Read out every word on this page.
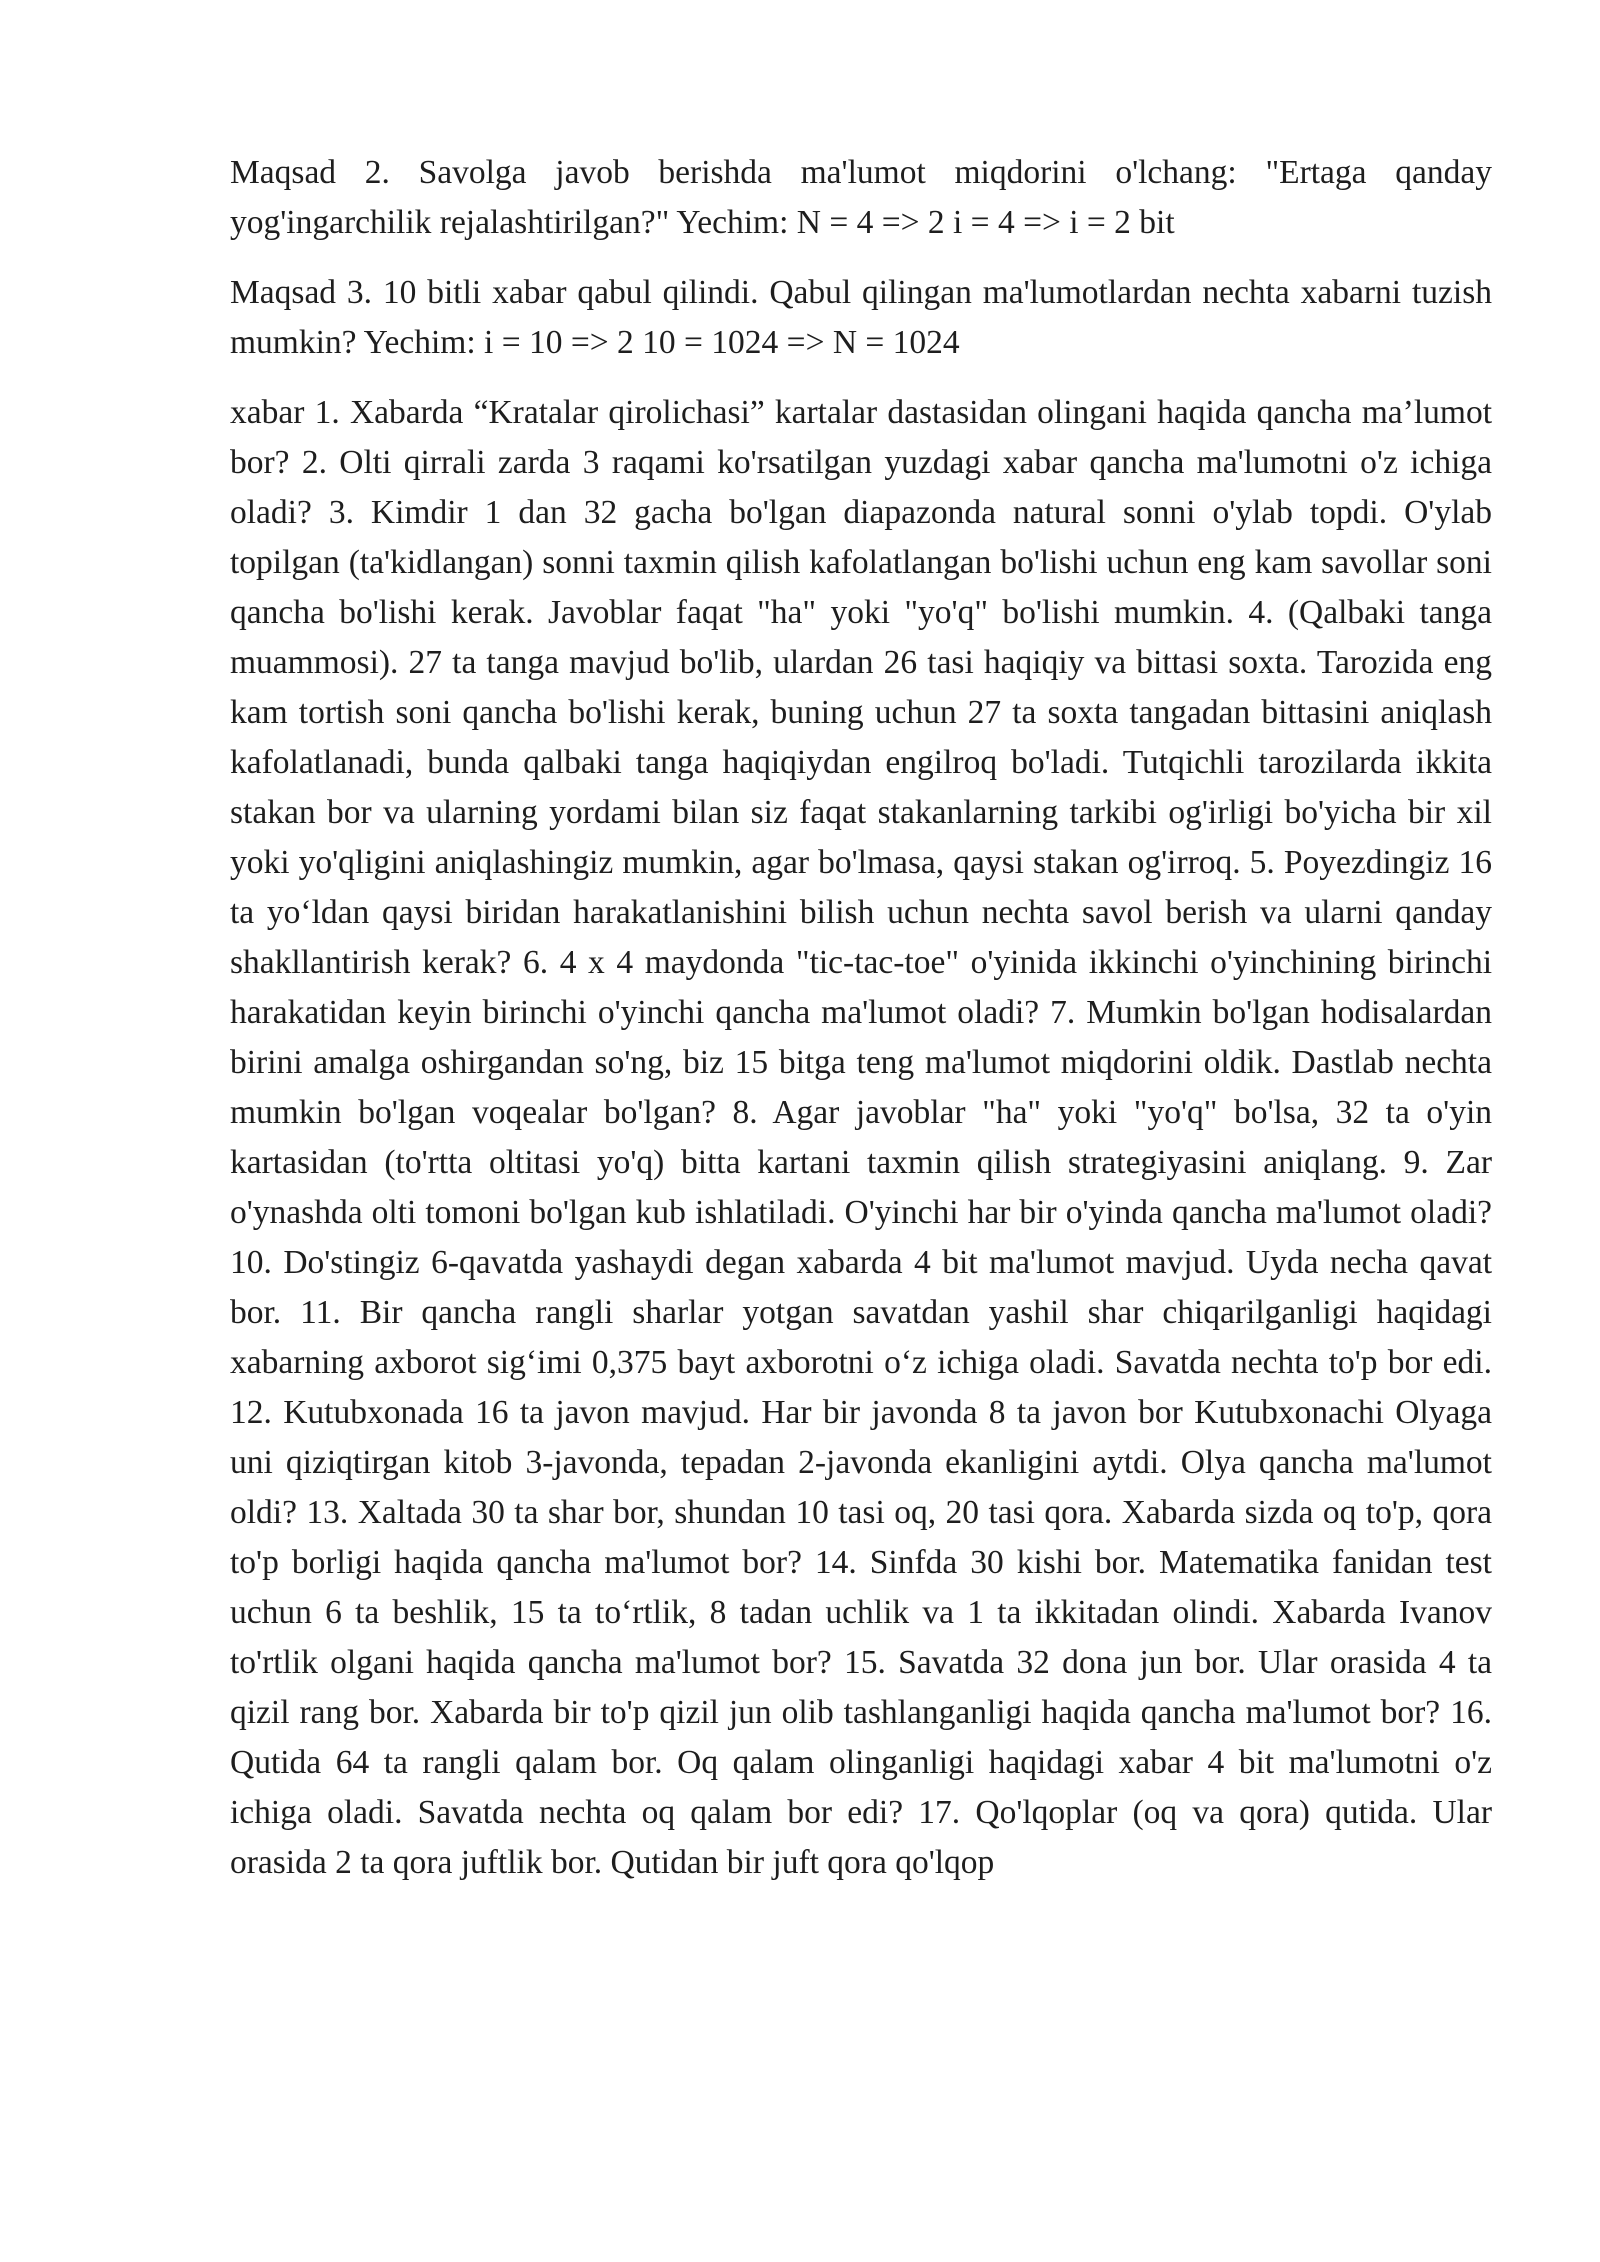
Maqsad 2. Savolga javob berishda ma'lumot miqdorini o'lchang: "Ertaga qanday yog'ingarchilik rejalashtirilgan?" Yechim: N = 4 => 2 i = 4 => i = 2 bit

Maqsad 3. 10 bitli xabar qabul qilindi. Qabul qilingan ma'lumotlardan nechta xabarni tuzish mumkin? Yechim: i = 10 => 2 10 = 1024 => N = 1024

xabar 1. Xabarda “Kratalar qirolichasi” kartalar dastasidan olingani haqida qancha ma’lumot bor? 2. Olti qirrali zarda 3 raqami ko'rsatilgan yuzdagi xabar qancha ma'lumotni o'z ichiga oladi? 3. Kimdir 1 dan 32 gacha bo'lgan diapazonda natural sonni o'ylab topdi. O'ylab topilgan (ta'kidlangan) sonni taxmin qilish kafolatlangan bo'lishi uchun eng kam savollar soni qancha bo'lishi kerak. Javoblar faqat "ha" yoki "yo'q" bo'lishi mumkin. 4. (Qalbaki tanga muammosi). 27 ta tanga mavjud bo'lib, ulardan 26 tasi haqiqiy va bittasi soxta. Tarozida eng kam tortish soni qancha bo'lishi kerak, buning uchun 27 ta soxta tangadan bittasini aniqlash kafolatlanadi, bunda qalbaki tanga haqiqiydan engilroq bo'ladi. Tutqichli tarozilarda ikkita stakan bor va ularning yordami bilan siz faqat stakanlarning tarkibi og'irligi bo'yicha bir xil yoki yo'qligini aniqlashingiz mumkin, agar bo'lmasa, qaysi stakan og'irroq. 5. Poyezdingiz 16 ta yo‘ldan qaysi biridan harakatlanishini bilish uchun nechta savol berish va ularni qanday shakllantirish kerak? 6. 4 x 4 maydonda "tic-tac-toe" o'yinida ikkinchi o'yinchining birinchi harakatidan keyin birinchi o'yinchi qancha ma'lumot oladi? 7. Mumkin bo'lgan hodisalardan birini amalga oshirgandan so'ng, biz 15 bitga teng ma'lumot miqdorini oldik. Dastlab nechta mumkin bo'lgan voqealar bo'lgan? 8. Agar javoblar "ha" yoki "yo'q" bo'lsa, 32 ta o'yin kartasidan (to'rtta oltitasi yo'q) bitta kartani taxmin qilish strategiyasini aniqlang. 9. Zar o'ynashda olti tomoni bo'lgan kub ishlatiladi. O'yinchi har bir o'yinda qancha ma'lumot oladi? 10. Do'stingiz 6-qavatda yashaydi degan xabarda 4 bit ma'lumot mavjud. Uyda necha qavat bor. 11. Bir qancha rangli sharlar yotgan savatdan yashil shar chiqarilganligi haqidagi xabarning axborot sig‘imi 0,375 bayt axborotni o‘z ichiga oladi. Savatda nechta to'p bor edi. 12. Kutubxonada 16 ta javon mavjud. Har bir javonda 8 ta javon bor Kutubxonachi Olyaga uni qiziqtirgan kitob 3-javonda, tepadan 2-javonda ekanligini aytdi. Olya qancha ma'lumot oldi? 13. Xaltada 30 ta shar bor, shundan 10 tasi oq, 20 tasi qora. Xabarda sizda oq to'p, qora to'p borligi haqida qancha ma'lumot bor? 14. Sinfda 30 kishi bor. Matematika fanidan test uchun 6 ta beshlik, 15 ta to‘rtlik, 8 tadan uchlik va 1 ta ikkitadan olindi. Xabarda Ivanov to'rtlik olgani haqida qancha ma'lumot bor? 15. Savatda 32 dona jun bor. Ular orasida 4 ta qizil rang bor. Xabarda bir to'p qizil jun olib tashlanganligi haqida qancha ma'lumot bor? 16. Qutida 64 ta rangli qalam bor. Oq qalam olinganligi haqidagi xabar 4 bit ma'lumotni o'z ichiga oladi. Savatda nechta oq qalam bor edi? 17. Qo'lqoplar (oq va qora) qutida. Ular orasida 2 ta qora juftlik bor. Qutidan bir juft qora qo'lqop
